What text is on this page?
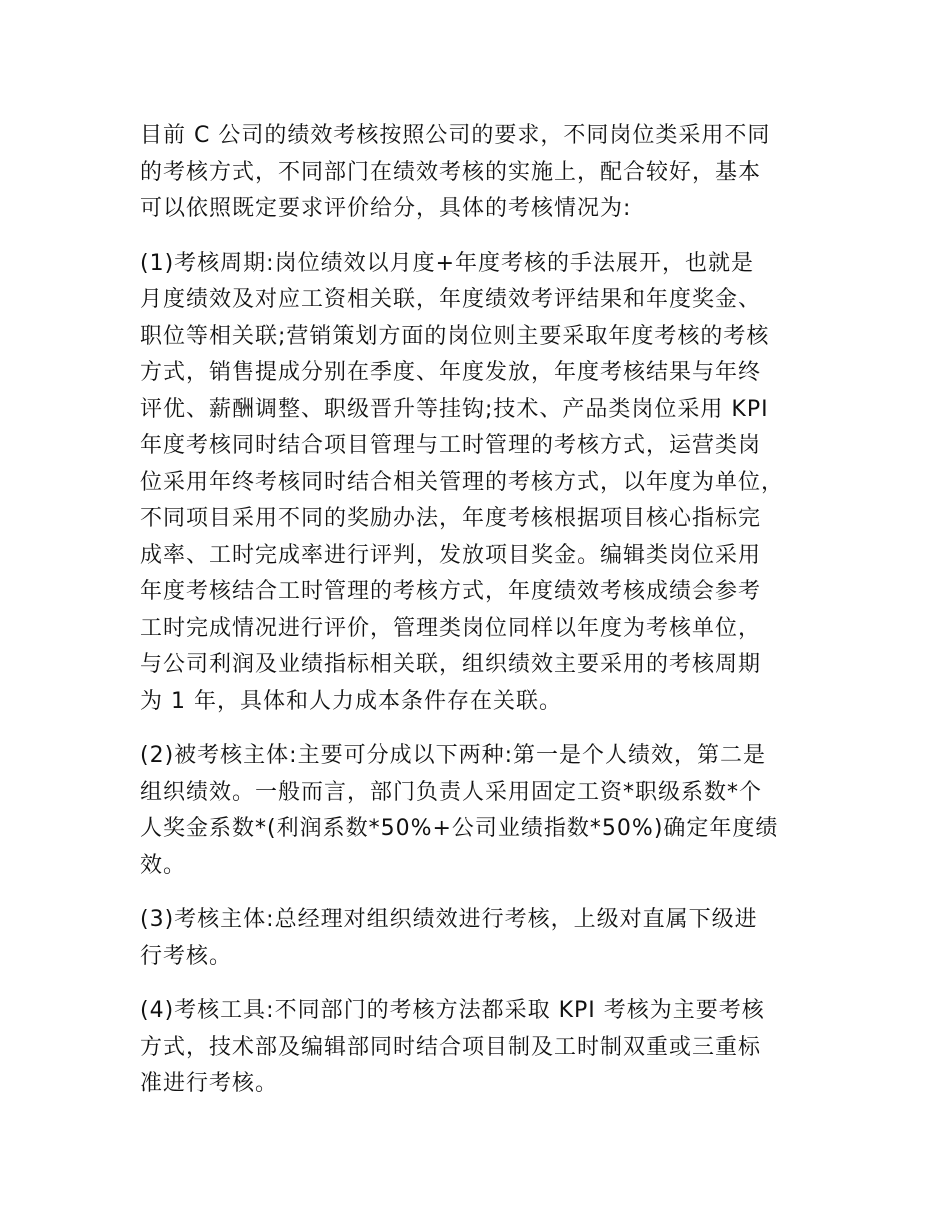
目前 C 公司的绩效考核按照公司的要求，不同岗位类采用不同
的考核方式，不同部门在绩效考核的实施上，配合较好，基本
可以依照既定要求评价给分，具体的考核情况为:

(1)考核周期:岗位绩效以月度+年度考核的手法展开，也就是
月度绩效及对应工资相关联，年度绩效考评结果和年度奖金、
职位等相关联;营销策划方面的岗位则主要采取年度考核的考核
方式，销售提成分别在季度、年度发放，年度考核结果与年终
评优、薪酬调整、职级晋升等挂钩;技术、产品类岗位采用 KPI
年度考核同时结合项目管理与工时管理的考核方式，运营类岗
位采用年终考核同时结合相关管理的考核方式，以年度为单位，
不同项目采用不同的奖励办法，年度考核根据项目核心指标完
成率、工时完成率进行评判，发放项目奖金。编辑类岗位采用
年度考核结合工时管理的考核方式，年度绩效考核成绩会参考
工时完成情况进行评价，管理类岗位同样以年度为考核单位，
与公司利润及业绩指标相关联，组织绩效主要采用的考核周期
为 1 年，具体和人力成本条件存在关联。

(2)被考核主体:主要可分成以下两种:第一是个人绩效，第二是
组织绩效。一般而言，部门负责人采用固定工资*职级系数*个
人奖金系数*(利润系数*50%+公司业绩指数*50%)确定年度绩
效。

(3)考核主体:总经理对组织绩效进行考核，上级对直属下级进
行考核。

(4)考核工具:不同部门的考核方法都采取 KPI 考核为主要考核
方式，技术部及编辑部同时结合项目制及工时制双重或三重标
准进行考核。
